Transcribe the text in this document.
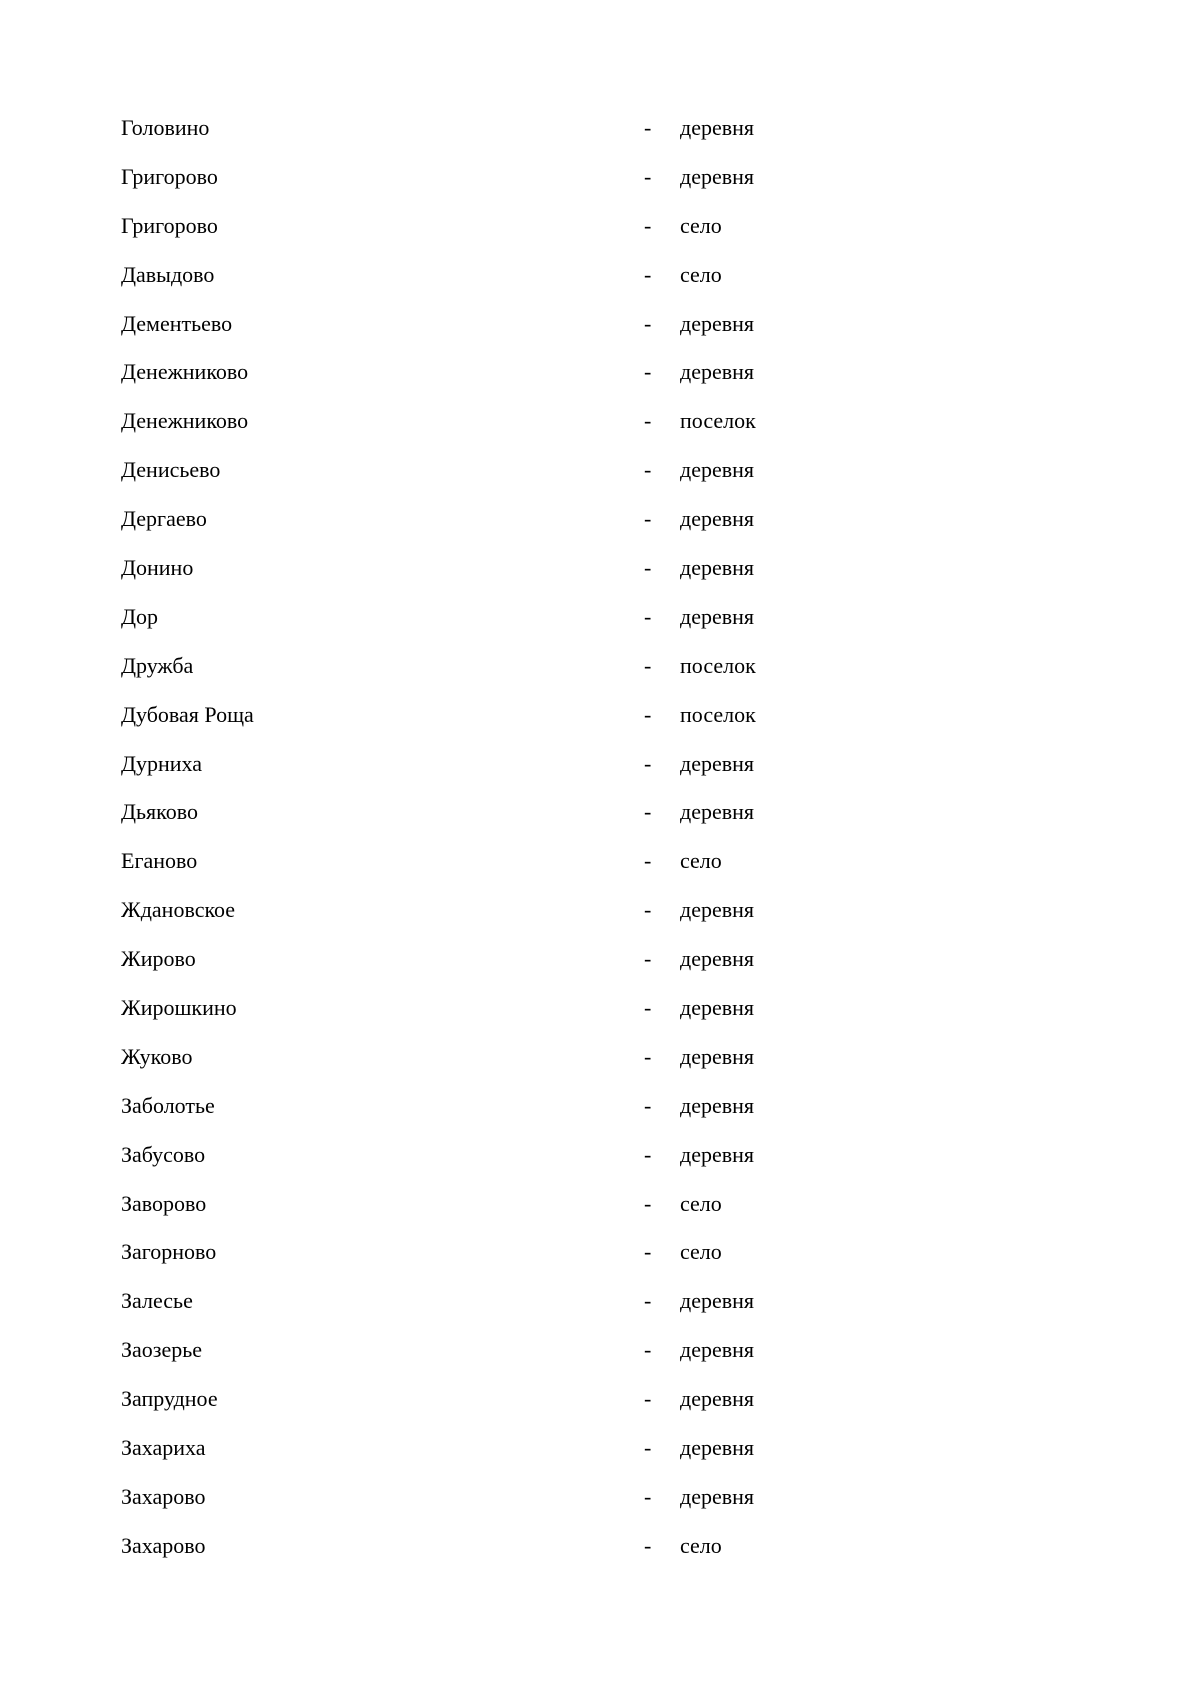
Головино	- деревня
Григорово	- деревня
Григорово	- село
Давыдово	- село
Дементьево	- деревня
Денежниково	- деревня
Денежниково	- поселок
Денисьево	- деревня
Дергаево	- деревня
Донино	- деревня
Дор	- деревня
Дружба	- поселок
Дубовая Роща	- поселок
Дурниха	- деревня
Дьяково	- деревня
Еганово	- село
Ждановское	- деревня
Жирово	- деревня
Жирошкино	- деревня
Жуково	- деревня
Заболотье	- деревня
Забусово	- деревня
Заворово	- село
Загорново	- село
Залесье	- деревня
Заозерье	- деревня
Запрудное	- деревня
Захариха	- деревня
Захарово	- деревня
Захарово	- село
